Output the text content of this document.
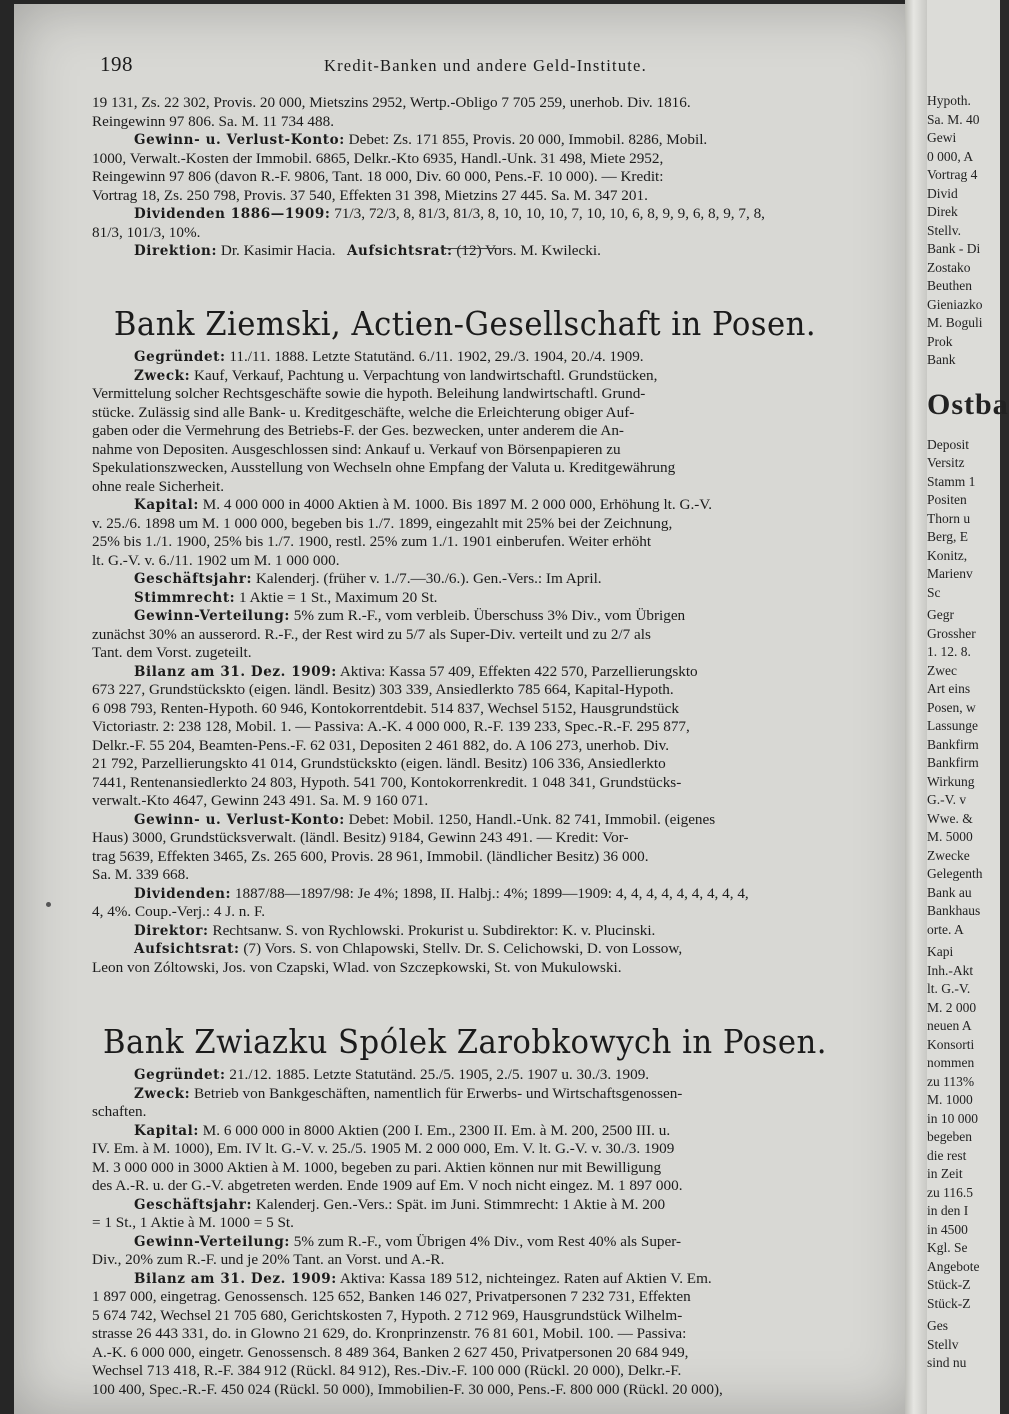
198	Kredit-Banken und andere Geld-Institute.
19 131, Zs. 22 302, Provis. 20 000, Mietszins 2952, Wertp.-Obligo 7 705 259, unerhob. Div. 1816.
Reingewinn 97 806. Sa. M. 11 734 488.
Gewinn- u. Verlust-Konto: Debet: Zs. 171 855, Provis. 20 000, Immobil. 8286, Mobil.
1000, Verwalt.-Kosten der Immobil. 6865, Delkr.-Kto 6935, Handl.-Unk. 31 498, Miete 2952,
Reingewinn 97 806 (davon R.-F. 9806, Tant. 18 000, Div. 60 000, Pens.-F. 10 000). — Kredit:
Vortrag 18, Zs. 250 798, Provis. 37 540, Effekten 31 398, Mietzins 27 445. Sa. M. 347 201.
Dividenden 1886—1909: 71/3, 72/3, 8, 81/3, 81/3, 8, 10, 10, 10, 7, 10, 10, 6, 8, 9, 9, 6, 8, 9, 7, 8,
81/3, 101/3, 10%.
Direktion: Dr. Kasimir Hacia. Aufsichtsrat: (12) Vors. M. Kwilecki.
Bank Ziemski, Actien-Gesellschaft in Posen.
Gegründet: 11./11. 1888. Letzte Statutänd. 6./11. 1902, 29./3. 1904, 20./4. 1909.
Zweck: Kauf, Verkauf, Pachtung u. Verpachtung von landwirtschaftl. Grundstücken,
Vermittelung solcher Rechtsgeschäfte sowie die hypoth. Beleihung landwirtschaftl. Grund-
stücke. Zulässig sind alle Bank- u. Kreditgeschäfte, welche die Erleichterung obiger Auf-
gaben oder die Vermehrung des Betriebs-F. der Ges. bezwecken, unter anderem die An-
nahme von Depositen. Ausgeschlossen sind: Ankauf u. Verkauf von Börsenpapieren zu
Spekulationszwecken, Ausstellung von Wechseln ohne Empfang der Valuta u. Kreditgewährung
ohne reale Sicherheit.
Kapital: M. 4 000 000 in 4000 Aktien à M. 1000. Bis 1897 M. 2 000 000, Erhöhung lt. G.-V.
v. 25./6. 1898 um M. 1 000 000, begeben bis 1./7. 1899, eingezahlt mit 25% bei der Zeichnung,
25% bis 1./1. 1900, 25% bis 1./7. 1900, restl. 25% zum 1./1. 1901 einberufen. Weiter erhöht
lt. G.-V. v. 6./11. 1902 um M. 1 000 000.
Geschäftsjahr: Kalenderj. (früher v. 1./7.—30./6.). Gen.-Vers.: Im April.
Stimmrecht: 1 Aktie = 1 St., Maximum 20 St.
Gewinn-Verteilung: 5% zum R.-F., vom verbleib. Überschuss 3% Div., vom Übrigen
zunächst 30% an ausserord. R.-F., der Rest wird zu 5/7 als Super-Div. verteilt und zu 2/7 als
Tant. dem Vorst. zugeteilt.
Bilanz am 31. Dez. 1909: Aktiva: Kassa 57 409, Effekten 422 570, Parzellierungskto
673 227, Grundstückskto (eigen. ländl. Besitz) 303 339, Ansiedlerkto 785 664, Kapital-Hypoth.
6 098 793, Renten-Hypoth. 60 946, Kontokorrentdebit. 514 837, Wechsel 5152, Hausgrundstück
Victoriastr. 2: 238 128, Mobil. 1. — Passiva: A.-K. 4 000 000, R.-F. 139 233, Spec.-R.-F. 295 877,
Delkr.-F. 55 204, Beamten-Pens.-F. 62 031, Depositen 2 461 882, do. A 106 273, unerhob. Div.
21 792, Parzellierungskto 41 014, Grundstückskto (eigen. ländl. Besitz) 106 336, Ansiedlerkto
7441, Rentenansiedlerkto 24 803, Hypoth. 541 700, Kontokorrenkredit. 1 048 341, Grundstücks-
verwalt.-Kto 4647, Gewinn 243 491. Sa. M. 9 160 071.
Gewinn- u. Verlust-Konto: Debet: Mobil. 1250, Handl.-Unk. 82 741, Immobil. (eigenes
Haus) 3000, Grundstücksverwalt. (ländl. Besitz) 9184, Gewinn 243 491. — Kredit: Vor-
trag 5639, Effekten 3465, Zs. 265 600, Provis. 28 961, Immobil. (ländlicher Besitz) 36 000.
Sa. M. 339 668.
Dividenden: 1887/88—1897/98: Je 4%; 1898, II. Halbj.: 4%; 1899—1909: 4, 4, 4, 4, 4, 4, 4, 4, 4,
4, 4%. Coup.-Verj.: 4 J. n. F.
Direktor: Rechtsanw. S. von Rychlowski. Prokurist u. Subdirektor: K. v. Plucinski.
Aufsichtsrat: (7) Vors. S. von Chlapowski, Stellv. Dr. S. Celichowski, D. von Lossow,
Leon von Zóltowski, Jos. von Czapski, Wlad. von Szczepkowski, St. von Mukulowski.
Bank Zwiazku Spólek Zarobkowych in Posen.
Gegründet: 21./12. 1885. Letzte Statutänd. 25./5. 1905, 2./5. 1907 u. 30./3. 1909.
Zweck: Betrieb von Bankgeschäften, namentlich für Erwerbs- und Wirtschaftsgenossen-
schaften.
Kapital: M. 6 000 000 in 8000 Aktien (200 I. Em., 2300 II. Em. à M. 200, 2500 III. u.
IV. Em. à M. 1000), Em. IV lt. G.-V. v. 25./5. 1905 M. 2 000 000, Em. V. lt. G.-V. v. 30./3. 1909
M. 3 000 000 in 3000 Aktien à M. 1000, begeben zu pari. Aktien können nur mit Bewilligung
des A.-R. u. der G.-V. abgetreten werden. Ende 1909 auf Em. V noch nicht eingez. M. 1 897 000.
Geschäftsjahr: Kalenderj. Gen.-Vers.: Spät. im Juni. Stimmrecht: 1 Aktie à M. 200
= 1 St., 1 Aktie à M. 1000 = 5 St.
Gewinn-Verteilung: 5% zum R.-F., vom Übrigen 4% Div., vom Rest 40% als Super-
Div., 20% zum R.-F. und je 20% Tant. an Vorst. und A.-R.
Bilanz am 31. Dez. 1909: Aktiva: Kassa 189 512, nichteingez. Raten auf Aktien V. Em.
1 897 000, eingetrag. Genossensch. 125 652, Banken 146 027, Privatpersonen 7 232 731, Effekten
5 674 742, Wechsel 21 705 680, Gerichtskosten 7, Hypoth. 2 712 969, Hausgrundstück Wilhelm-
strasse 26 443 331, do. in Glowno 21 629, do. Kronprinzenstr. 76 81 601, Mobil. 100. — Passiva:
A.-K. 6 000 000, eingetr. Genossensch. 8 489 364, Banken 2 627 450, Privatpersonen 20 684 949,
Wechsel 713 418, R.-F. 384 912 (Rückl. 84 912), Res.-Div.-F. 100 000 (Rückl. 20 000), Delkr.-F.
100 400, Spec.-R.-F. 450 024 (Rückl. 50 000), Immobilien-F. 30 000, Pens.-F. 800 000 (Rückl. 20 000),
Hypoth.
Sa. M. 40
Gewi
0 000, A
Vortrag 4
Divid
Direk
Stellv.
Bank - Di
Zostako
Beuthen
Gieniazko
M. Boguli
Prok
Bank
Ostba
Deposit
Versitz
Stamm 1
Positen
Thorn u
Berg, E
Konitz,
Marienv
Sc
Gegr
Grossher
1. 12. 8.
Zwec
Art eins
Posen, w
Lassunge
Bankfirm
Bankfirm
Wirkung
G.-V. v
Wwe. &
M. 5000
Zwecke
Gelegenth
Bank au
Bankhaus
orte. A
Kapi
Inh.-Akt
lt. G.-V.
M. 2 000
neuen A
Konsorti
nommen
zu 113%
M. 1000
in 10 000
begeben
die rest
in Zeit
zu 116.5
in den I
in 4500
Kgl. Se
Angebote
Stück-Z
Stück-Z
Ges
Stellv
sind nu
